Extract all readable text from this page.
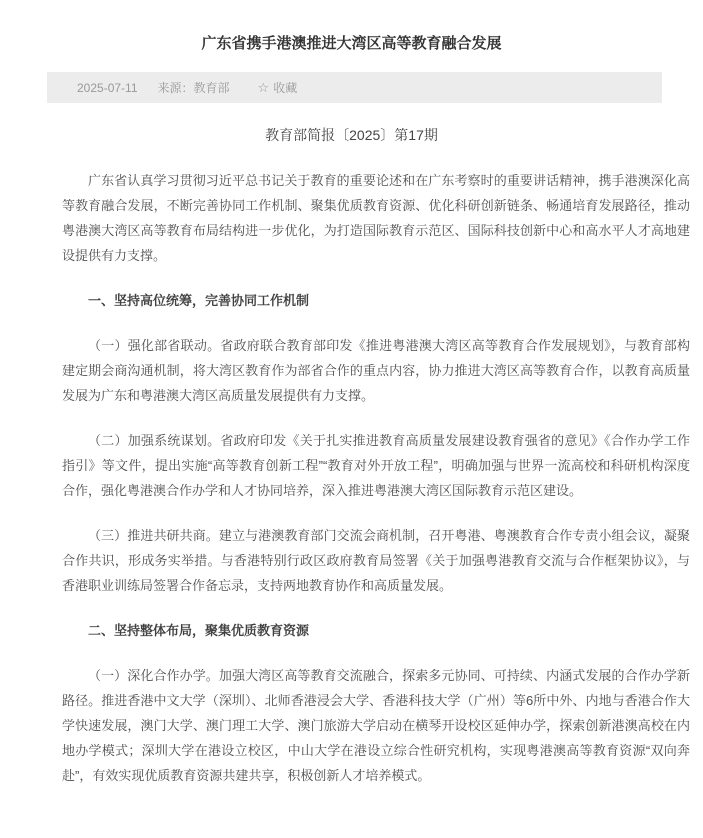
广东省携手港澳推进大湾区高等教育融合发展
2025-07-11 来源：教育部 ☆ 收藏
教育部简报〔2025〕第17期

广东省认真学习贯彻习近平总书记关于教育的重要论述和在广东考察时的重要讲话精神，携手港澳深化高等教育融合发展，不断完善协同工作机制、聚集优质教育资源、优化科研创新链条、畅通培育发展路径，推动粤港澳大湾区高等教育布局结构进一步优化，为打造国际教育示范区、国际科技创新中心和高水平人才高地建设提供有力支撑。

一、坚持高位统筹，完善协同工作机制

（一）强化部省联动。省政府联合教育部印发《推进粤港澳大湾区高等教育合作发展规划》，与教育部构建定期会商沟通机制，将大湾区教育作为部省合作的重点内容，协力推进大湾区高等教育合作，以教育高质量发展为广东和粤港澳大湾区高质量发展提供有力支撑。

（二）加强系统谋划。省政府印发《关于扎实推进教育高质量发展建设教育强省的意见》《合作办学工作指引》等文件，提出实施“高等教育创新工程”“教育对外开放工程”，明确加强与世界一流高校和科研机构深度合作，强化粤港澳合作办学和人才协同培养，深入推进粤港澳大湾区国际教育示范区建设。

（三）推进共研共商。建立与港澳教育部门交流会商机制，召开粤港、粤澳教育合作专责小组会议，凝聚合作共识，形成务实举措。与香港特别行政区政府教育局签署《关于加强粤港教育交流与合作框架协议》，与香港职业训练局签署合作备忘录，支持两地教育协作和高质量发展。

二、坚持整体布局，聚集优质教育资源

（一）深化合作办学。加强大湾区高等教育交流融合，探索多元协同、可持续、内涵式发展的合作办学新路径。推进香港中文大学（深圳）、北师香港浸会大学、香港科技大学（广州）等6所中外、内地与香港合作大学快速发展，澳门大学、澳门理工大学、澳门旅游大学启动在横琴开设校区延伸办学，探索创新港澳高校在内地办学模式；深圳大学在港设立校区，中山大学在港设立综合性研究机构，实现粤港澳高等教育资源“双向奔赴”，有效实现优质教育资源共建共享，积极创新人才培养模式。
